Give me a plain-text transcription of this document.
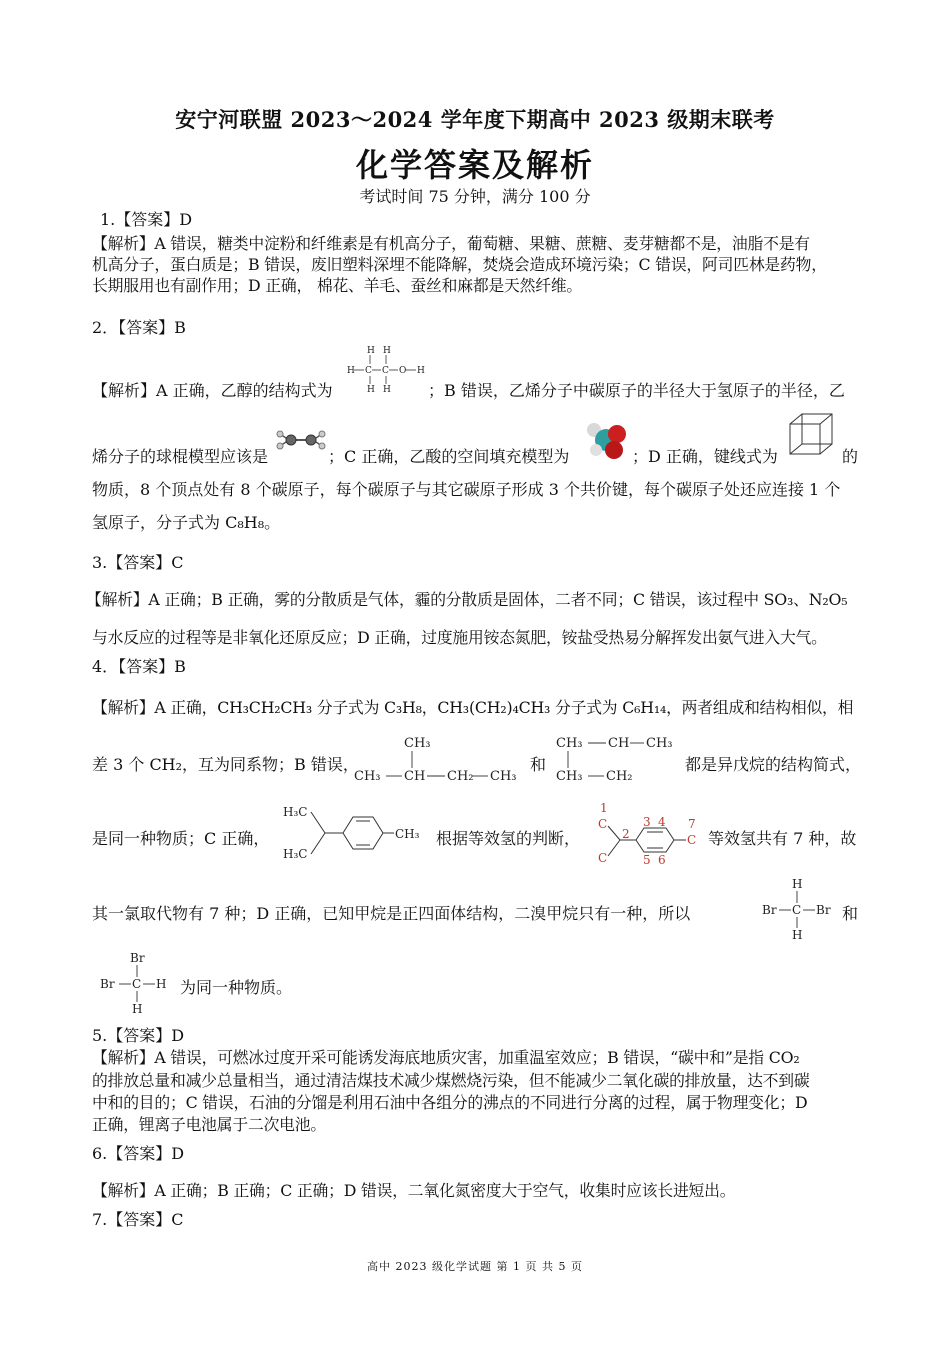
安宁河联盟 2023～2024 学年度下期高中 2023 级期末联考
化学答案及解析
考试时间 75 分钟，满分 100 分
1.【答案】D
【解析】A 错误，糖类中淀粉和纤维素是有机高分子，葡萄糖、果糖、蔗糖、麦芽糖都不是，油脂不是有
机高分子，蛋白质是；B 错误，废旧塑料深埋不能降解，焚烧会造成环境污染；C 错误，阿司匹林是药物，
长期服用也有副作用；D 正确， 棉花、羊毛、蚕丝和麻都是天然纤维。
2．【答案】B
【解析】A 正确，乙醇的结构式为
H H
H C C O H
H H ；B 错误，乙烯分子中碳原子的半径大于氢原子的半径，乙
烯分子的球棍模型应该是	；C 正确，乙酸的空间填充模型为	；D 正确，键线式为	的
物质，8 个顶点处有 8 个碳原子，每个碳原子与其它碳原子形成 3 个共价键，每个碳原子处还应连接 1 个
氢原子，分子式为 C₈H₈。
3.【答案】C
【解析】A 正确；B 正确，雾的分散质是气体，霾的分散质是固体，二者不同；C 错误，该过程中 SO₃、N₂O₅
与水反应的过程等是非氧化还原反应；D 正确，过度施用铵态氮肥，铵盐受热易分解挥发出氨气进入大气。
4．【答案】B
【解析】A 正确，CH₃CH₂CH₃ 分子式为 C₃H₈，CH₃(CH₂)₄CH₃ 分子式为 C₆H₁₄，两者组成和结构相似，相
差 3 个 CH₂，互为同系物；B 错误，
CH₃
CH₃ CH CH₂ CH₃
和
CH₃ CH CH₃
CH₃ CH₂
都是异戊烷的结构简式，
是同一种物质；C 正确，
H₃C
H₃C
CH₃ 根据等效氢的判断，
1
C
2
C
3 4
5 6
7
C 等效氢共有 7 种，故
其一氯取代物有 7 种；D 正确，已知甲烷是正四面体结构，二溴甲烷只有一种，所以
H
Br C Br
H
和
Br
Br C H
H
为同一种物质。
5.【答案】D
【解析】A 错误，可燃冰过度开采可能诱发海底地质灾害，加重温室效应；B 错误，“碳中和”是指 CO₂
的排放总量和减少总量相当，通过清洁煤技术减少煤燃烧污染，但不能减少二氧化碳的排放量，达不到碳
中和的目的；C 错误，石油的分馏是利用石油中各组分的沸点的不同进行分离的过程，属于物理变化；D
正确，锂离子电池属于二次电池。
6.【答案】D
【解析】A 正确；B 正确；C 正确；D 错误，二氧化氮密度大于空气，收集时应该长进短出。
7.【答案】C
高中 2023 级化学试题 第 1 页 共 5 页
